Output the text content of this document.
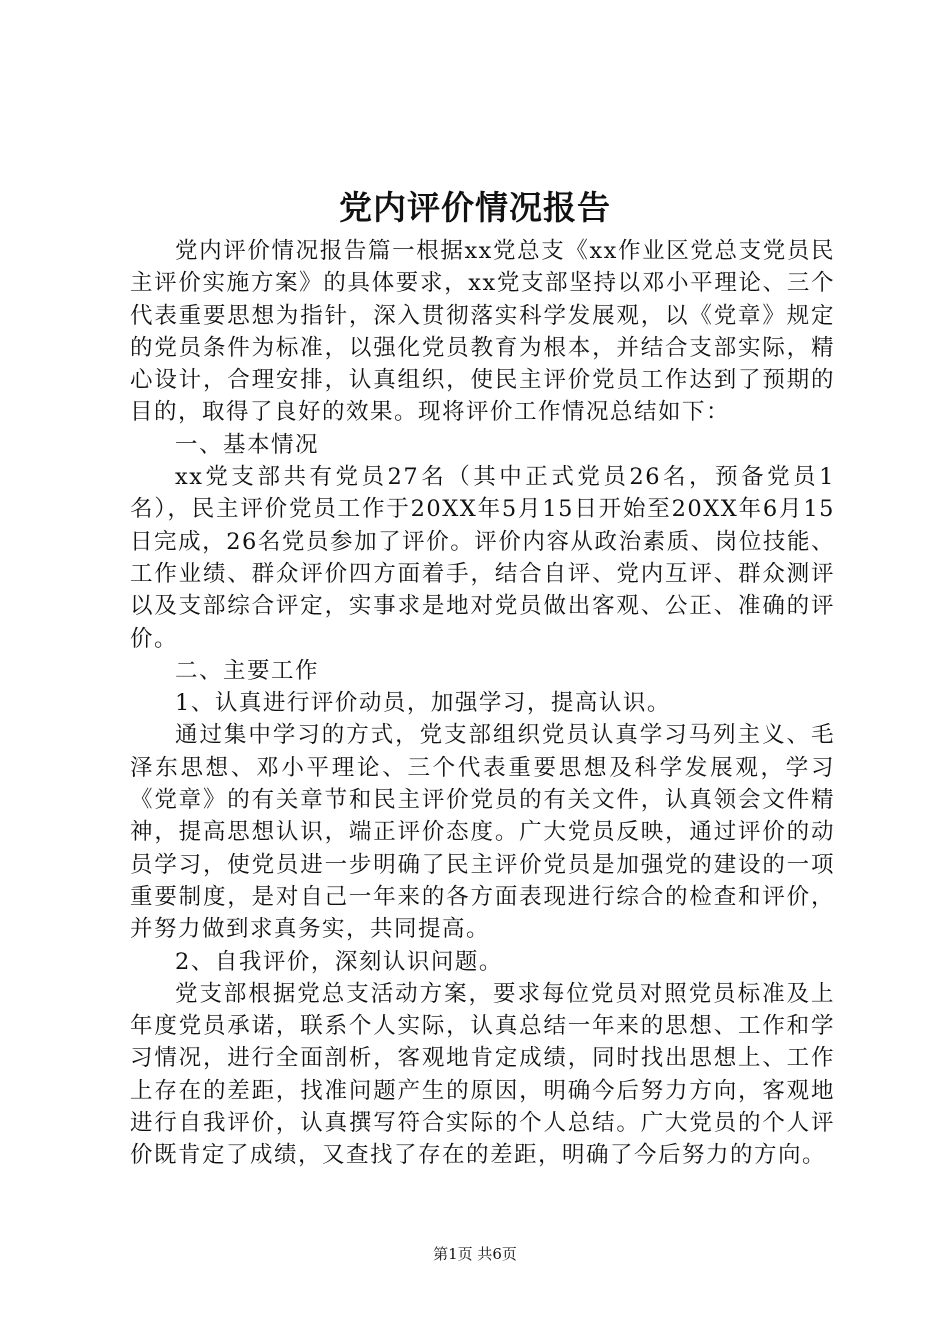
党内评价情况报告

党内评价情况报告篇一根据xx党总支《xx作业区党总支党员民主评价实施方案》的具体要求，xx党支部坚持以邓小平理论、三个代表重要思想为指针，深入贯彻落实科学发展观，以《党章》规定的党员条件为标准，以强化党员教育为根本，并结合支部实际，精心设计，合理安排，认真组织，使民主评价党员工作达到了预期的目的，取得了良好的效果。现将评价工作情况总结如下：

一、基本情况

xx党支部共有党员27名（其中正式党员26名，预备党员1名），民主评价党员工作于20XX年5月15日开始至20XX年6月15日完成，26名党员参加了评价。评价内容从政治素质、岗位技能、工作业绩、群众评价四方面着手，结合自评、党内互评、群众测评以及支部综合评定，实事求是地对党员做出客观、公正、准确的评价。

二、主要工作

1、认真进行评价动员，加强学习，提高认识。

通过集中学习的方式，党支部组织党员认真学习马列主义、毛泽东思想、邓小平理论、三个代表重要思想及科学发展观，学习《党章》的有关章节和民主评价党员的有关文件，认真领会文件精神，提高思想认识，端正评价态度。广大党员反映，通过评价的动员学习，使党员进一步明确了民主评价党员是加强党的建设的一项重要制度，是对自己一年来的各方面表现进行综合的检查和评价，并努力做到求真务实，共同提高。

2、自我评价，深刻认识问题。

党支部根据党总支活动方案，要求每位党员对照党员标准及上年度党员承诺，联系个人实际，认真总结一年来的思想、工作和学习情况，进行全面剖析，客观地肯定成绩，同时找出思想上、工作上存在的差距，找准问题产生的原因，明确今后努力方向，客观地进行自我评价，认真撰写符合实际的个人总结。广大党员的个人评价既肯定了成绩，又查找了存在的差距，明确了今后努力的方向。

第1页 共6页
